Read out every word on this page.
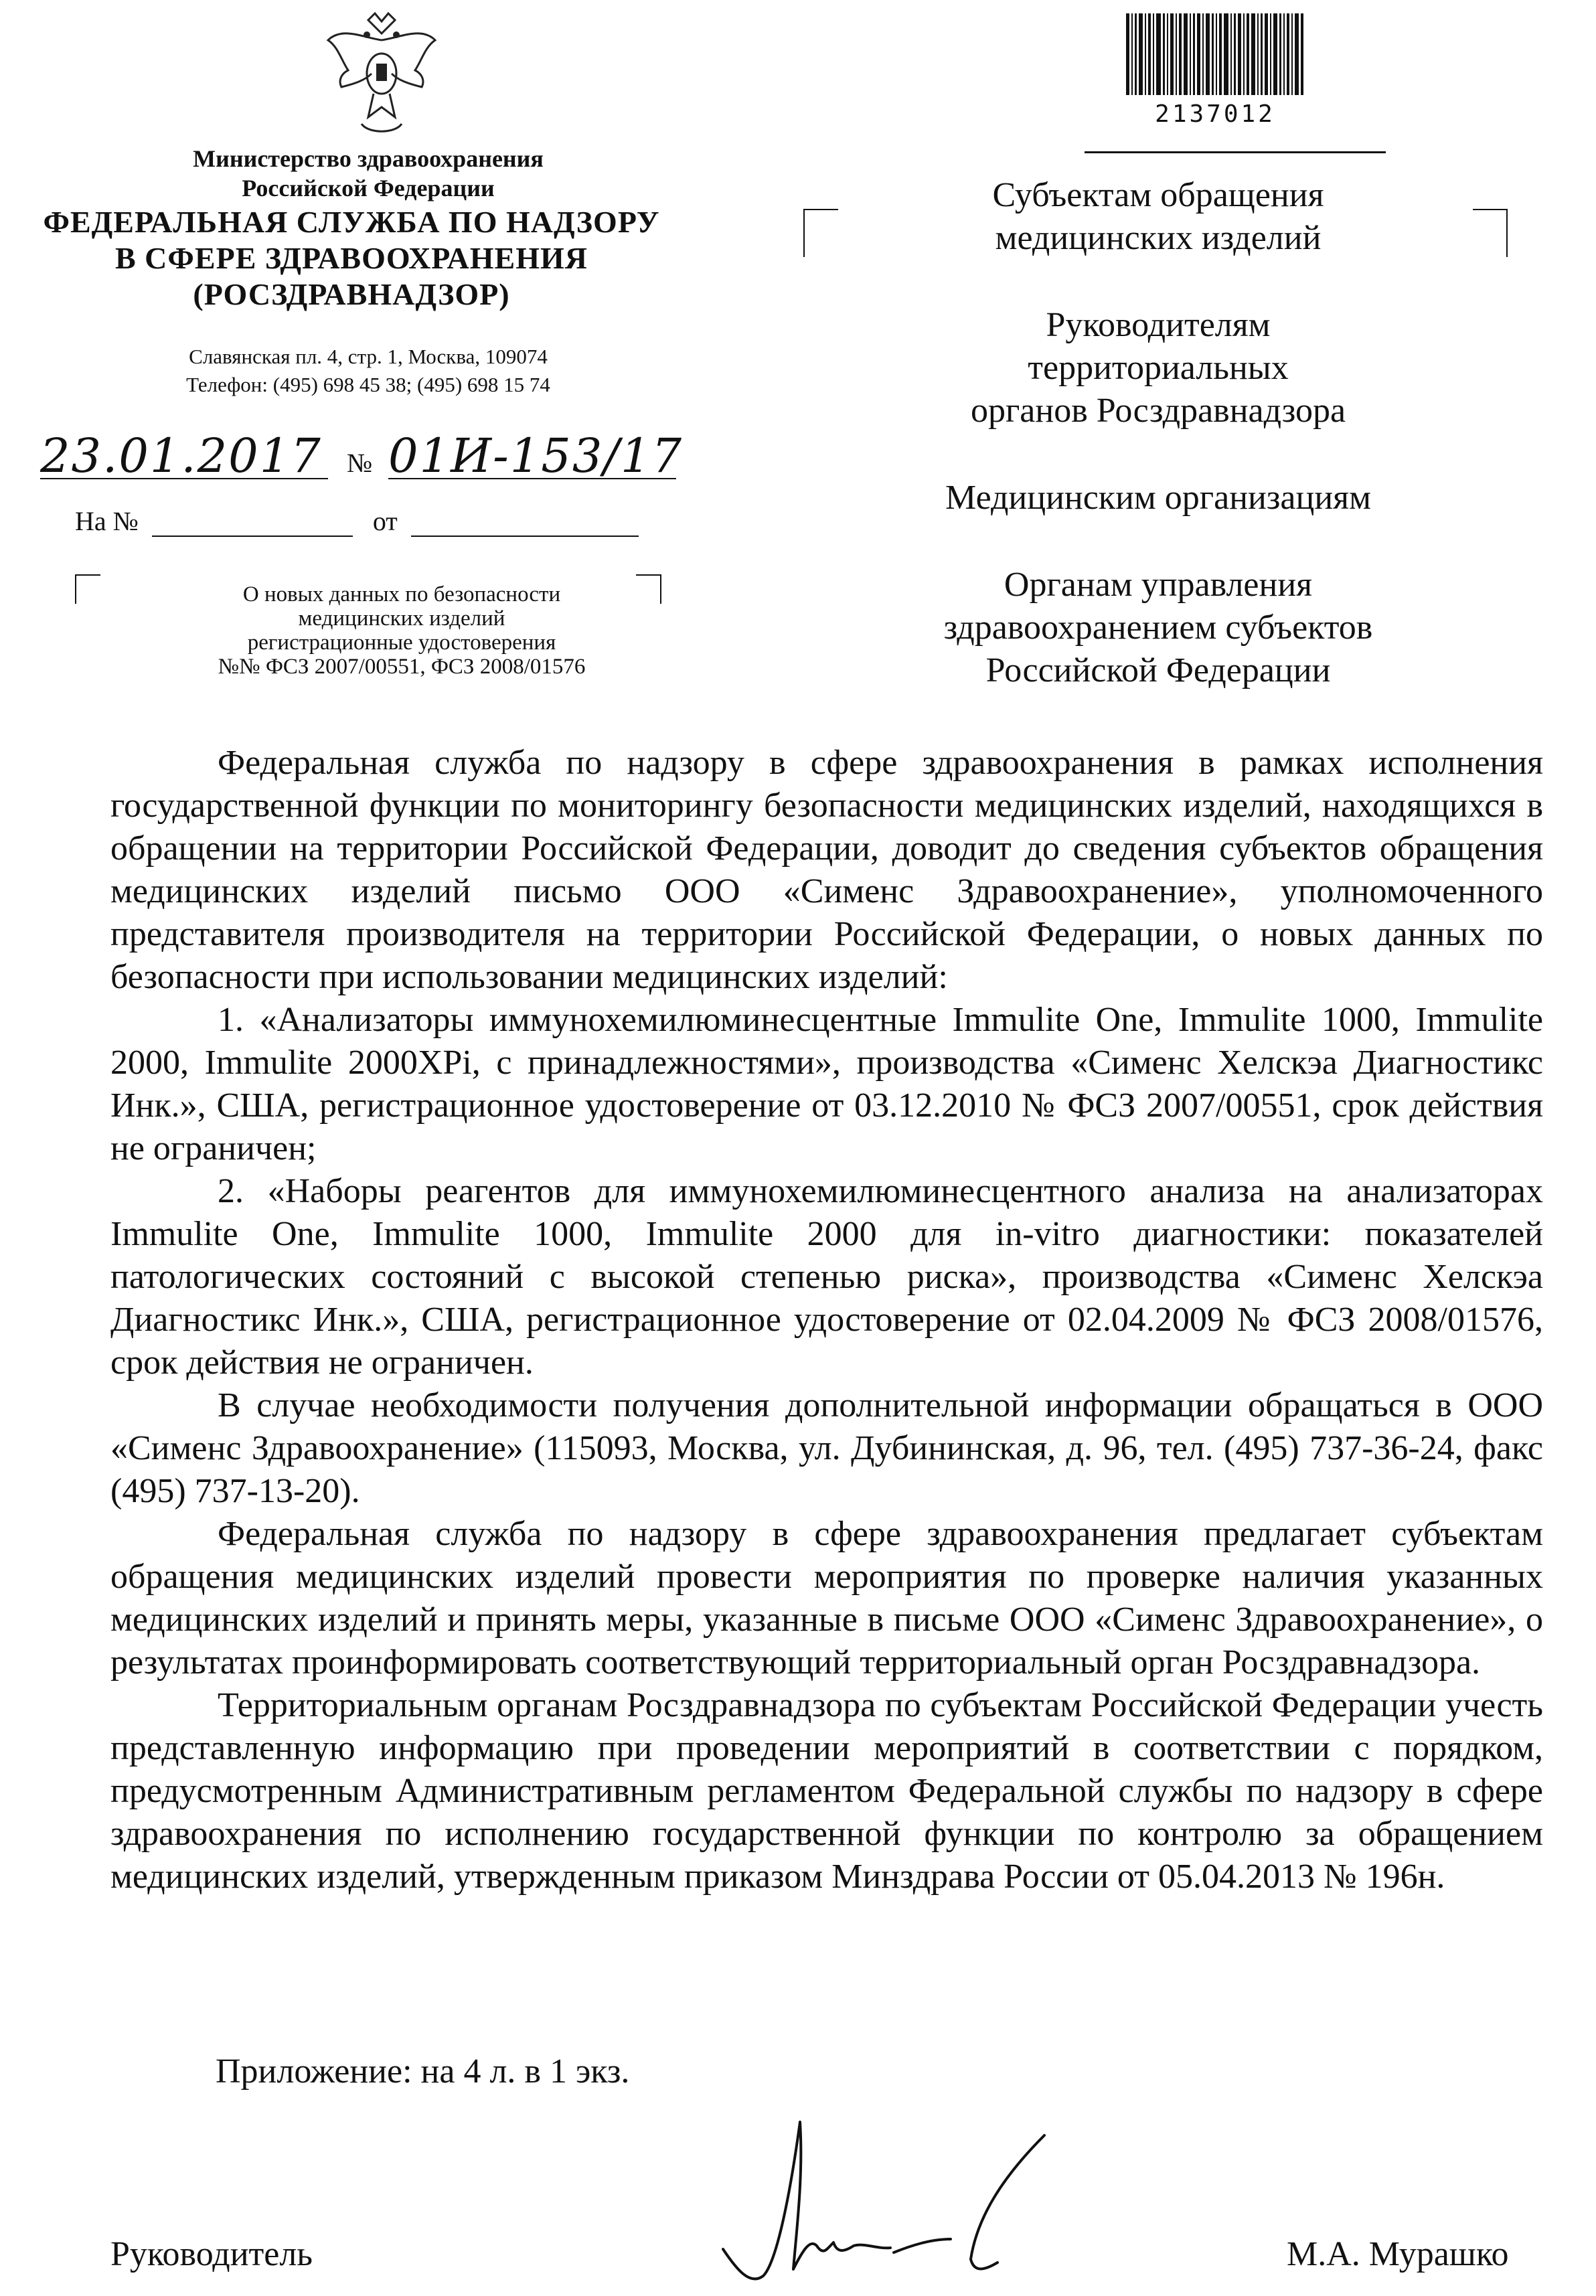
Министерство здравоохранения
Российской Федерации
ФЕДЕРАЛЬНАЯ СЛУЖБА ПО НАДЗОРУ
В СФЕРЕ ЗДРАВООХРАНЕНИЯ
(РОСЗДРАВНАДЗОР)
Славянская пл. 4, стр. 1, Москва, 109074
Телефон: (495) 698 45 38; (495) 698 15 74
23.01.2017 № 01И-153/17
На №	от
О новых данных по безопасности
медицинских изделий
регистрационные удостоверения
№№ ФСЗ 2007/00551, ФСЗ 2008/01576
2137012
Субъектам обращения
медицинских изделий
Руководителям
территориальных
органов Росздравнадзора
Медицинским организациям
Органам управления
здравоохранением субъектов
Российской Федерации

Федеральная служба по надзору в сфере здравоохранения в рамках исполнения государственной функции по мониторингу безопасности медицинских изделий, находящихся в обращении на территории Российской Федерации, доводит до сведения субъектов обращения медицинских изделий письмо ООО «Сименс Здравоохранение», уполномоченного представителя производителя на территории Российской Федерации, о новых данных по безопасности при использовании медицинских изделий:

1. «Анализаторы иммунохемилюминесцентные Immulite One, Immulite 1000, Immulite 2000, Immulite 2000XPi, с принадлежностями», производства «Сименс Хелскэа Диагностикс Инк.», США, регистрационное удостоверение от 03.12.2010 № ФСЗ 2007/00551, срок действия не ограничен;

2. «Наборы реагентов для иммунохемилюминесцентного анализа на анализаторах Immulite One, Immulite 1000, Immulite 2000 для in-vitro диагностики: показателей патологических состояний с высокой степенью риска», производства «Сименс Хелскэа Диагностикс Инк.», США, регистрационное удостоверение от 02.04.2009 № ФСЗ 2008/01576, срок действия не ограничен.

В случае необходимости получения дополнительной информации обращаться в ООО «Сименс Здравоохранение» (115093, Москва, ул. Дубининская, д. 96, тел. (495) 737-36-24, факс (495) 737-13-20).

Федеральная служба по надзору в сфере здравоохранения предлагает субъектам обращения медицинских изделий провести мероприятия по проверке наличия указанных медицинских изделий и принять меры, указанные в письме ООО «Сименс Здравоохранение», о результатах проинформировать соответствующий территориальный орган Росздравнадзора.

Территориальным органам Росздравнадзора по субъектам Российской Федерации учесть представленную информацию при проведении мероприятий в соответствии с порядком, предусмотренным Административным регламентом Федеральной службы по надзору в сфере здравоохранения по исполнению государственной функции по контролю за обращением медицинских изделий, утвержденным приказом Минздрава России от 05.04.2013 № 196н.

Приложение: на 4 л. в 1 экз.
Руководитель	М.А. Мурашко
